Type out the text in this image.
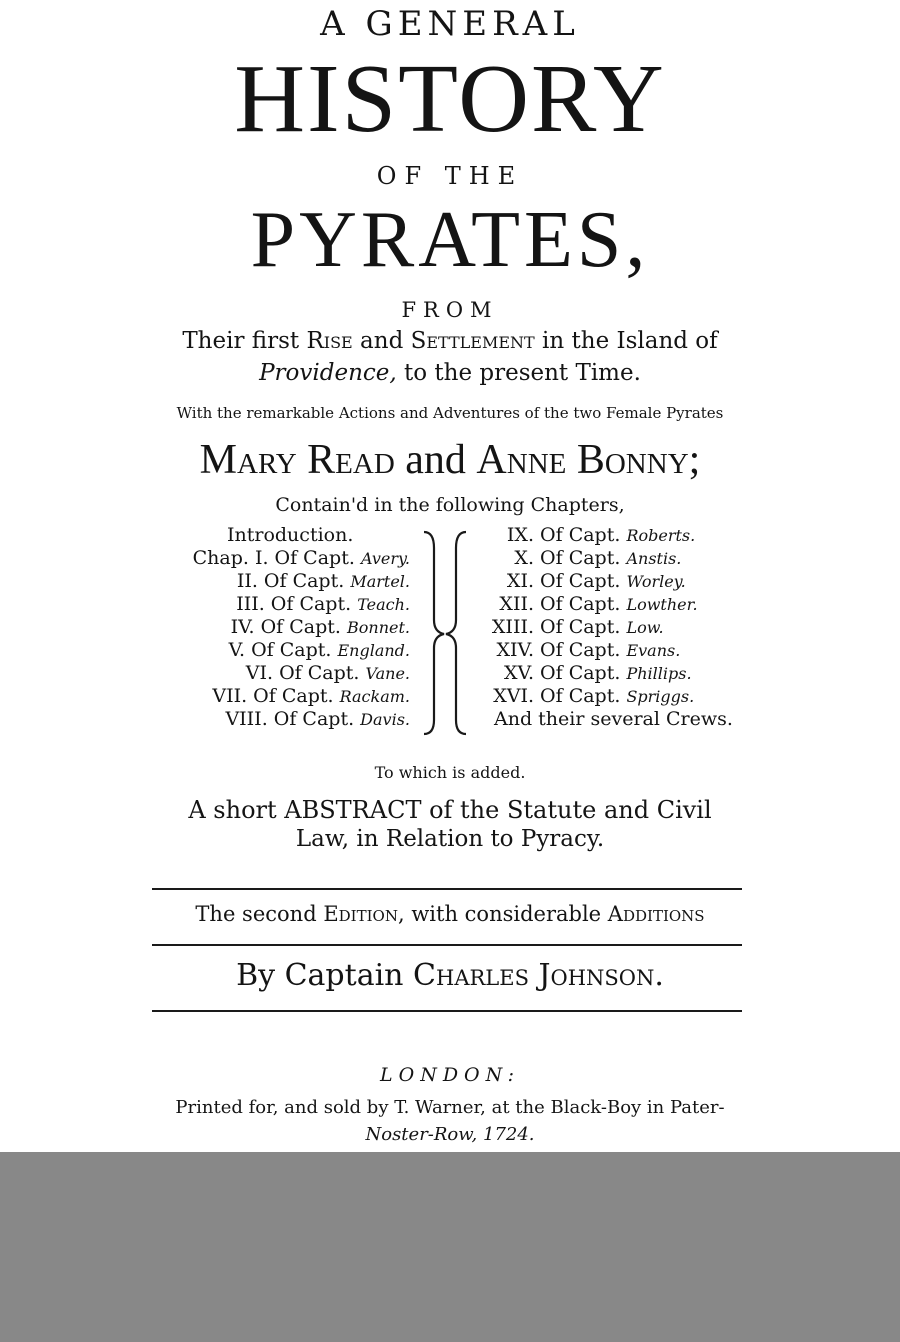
A GENERAL
HISTORY
OF THE
PYRATES,
FROM
Their first Rise and Settlement in the Island of
Providence, to the present Time.
With the remarkable Actions and Adventures of the two Female Pyrates
Mary Read and Anne Bonny;
Contain'd in the following Chapters,
Introduction.
Chap. I. Of Capt. Avery.
II. Of Capt. Martel.
III. Of Capt. Teach.
IV. Of Capt. Bonnet.
V. Of Capt. England.
VI. Of Capt. Vane.
VII. Of Capt. Rackam.
VIII. Of Capt. Davis.
IX. Of Capt. Roberts.
X. Of Capt. Anstis.
XI. Of Capt. Worley.
XII. Of Capt. Lowther.
XIII. Of Capt. Low.
XIV. Of Capt. Evans.
XV. Of Capt. Phillips.
XVI. Of Capt. Spriggs.
And their several Crews.
To which is added.
A short ABSTRACT of the Statute and Civil
Law, in Relation to Pyracy.
The second Edition, with considerable Additions
By Captain Charles Johnson.
LONDON:
Printed for, and sold by T. Warner, at the Black-Boy in Pater-
Noster-Row, 1724.
